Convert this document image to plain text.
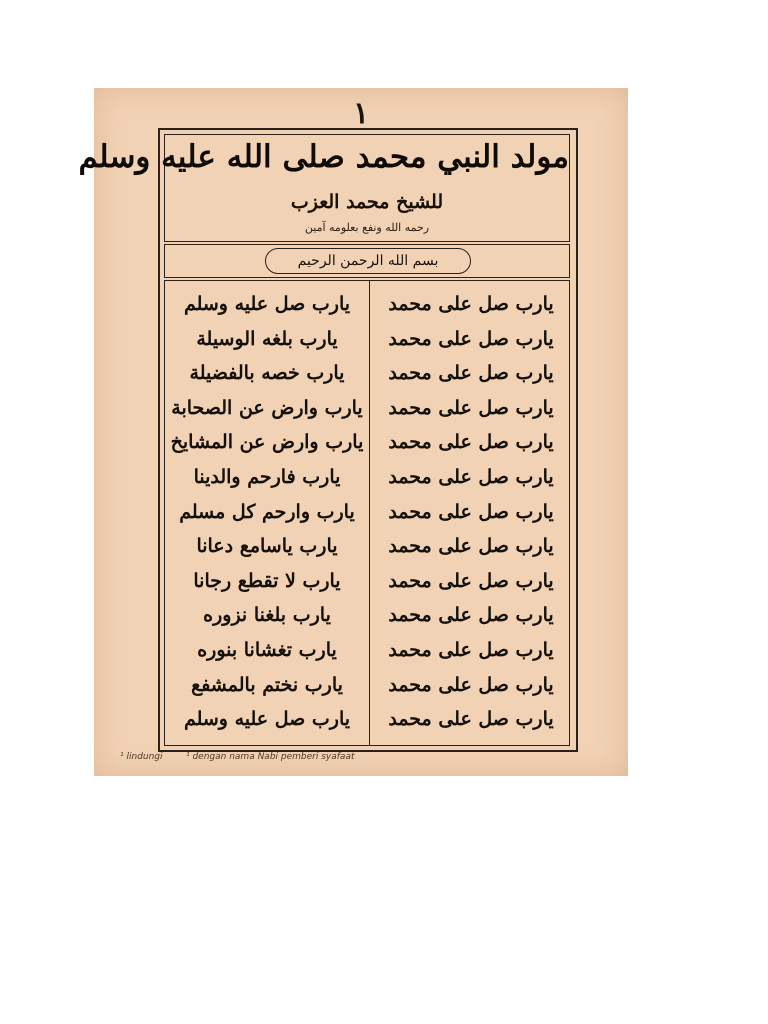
١
مولد النبي محمد صلى الله عليه وسلم
للشيخ محمد العزب
رحمه الله ونفع بعلومه آمين
بسم الله الرحمن الرحيم
يارب صل على محمد
يارب صل على محمد
يارب صل على محمد
يارب صل على محمد
يارب صل على محمد
يارب صل على محمد
يارب صل على محمد
يارب صل على محمد
يارب صل على محمد
يارب صل على محمد
يارب صل على محمد
يارب صل على محمد
يارب صل على محمد
يارب صل عليه وسلم
يارب بلغه الوسيلة
يارب خصه بالفضيلة
يارب وارض عن الصحابة
يارب وارض عن المشايخ
يارب فارحم والدينا
يارب وارحم كل مسلم
يارب ياسامع دعانا
يارب لا تقطع رجانا
يارب بلغنا نزوره
يارب تغشانا بنوره
يارب نختم بالمشفع
يارب صل عليه وسلم
¹ lindungi	¹ dengan nama Nabi pemberi syafaat
